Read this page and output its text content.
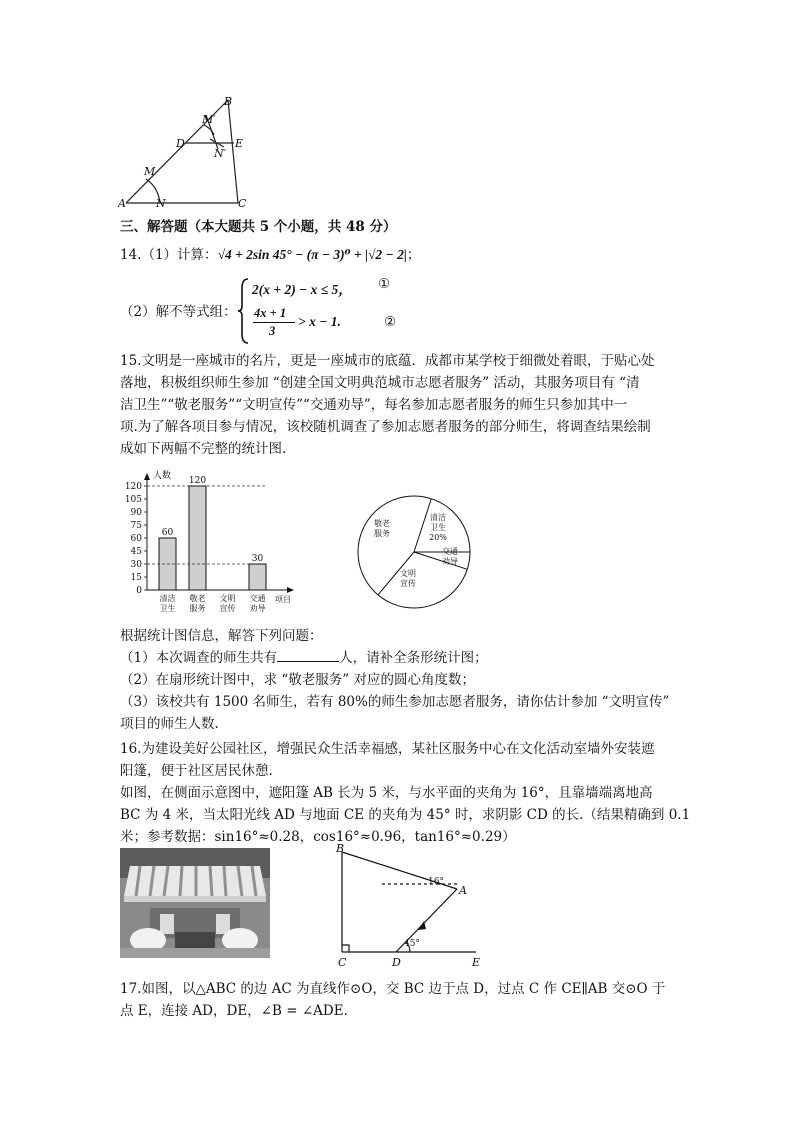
A
B
C
D	E
M
N
M′
N′
三、解答题（本大题共 5 个小题，共 48 分）
14.（1）计算：√4 + 2sin 45° − (π − 3)⁰ + |√2 − 2|；
（2）解不等式组：
2(x + 2) − x ≤ 5， ①
4x + 1
3
> x − 1.	②
15.文明是一座城市的名片，更是一座城市的底蕴．成都市某学校于细微处着眼，于贴心处
落地，积极组织师生参加 “创建全国文明典范城市志愿者服务” 活动，其服务项目有 “清
洁卫生”“敬老服务”“文明宣传”“交通劝导”，每名参加志愿者服务的师生只参加其中一
项.为了解各项目参与情况，该校随机调查了参加志愿者服务的部分师生，将调查结果绘制
成如下两幅不完整的统计图.
人数
项目
0
15
30
45
60
75
90
105
120
60
清洁
卫生
120
敬老
服务
文明
宣传
30
交通
劝导
敬老
服务
清洁
卫生
20%
交通
劝导
文明
宣传
根据统计图信息，解答下列问题：
（1）本次调查的师生共有	人，请补全条形统计图；
（2）在扇形统计图中，求 “敬老服务” 对应的圆心角度数；
（3）该校共有 1500 名师生，若有 80%的师生参加志愿者服务，请你估计参加 “文明宣传”
项目的师生人数.
16.为建设美好公园社区，增强民众生活幸福感，某社区服务中心在文化活动室墙外安装遮
阳篷，便于社区居民休憩.
如图，在侧面示意图中，遮阳篷 AB 长为 5 米，与水平面的夹角为 16°，且靠墙端离地高
BC 为 4 米，当太阳光线 AD 与地面 CE 的夹角为 45° 时，求阴影 CD 的长.（结果精确到 0.1
米；参考数据：sin16°≈0.28，cos16°≈0.96，tan16°≈0.29）
B
A
C	D	E
16°
45°
17.如图，以△ABC 的边 AC 为直线作⊙O，交 BC 边于点 D，过点 C 作 CE∥AB 交⊙O 于
点 E，连接 AD，DE，∠B = ∠ADE.
